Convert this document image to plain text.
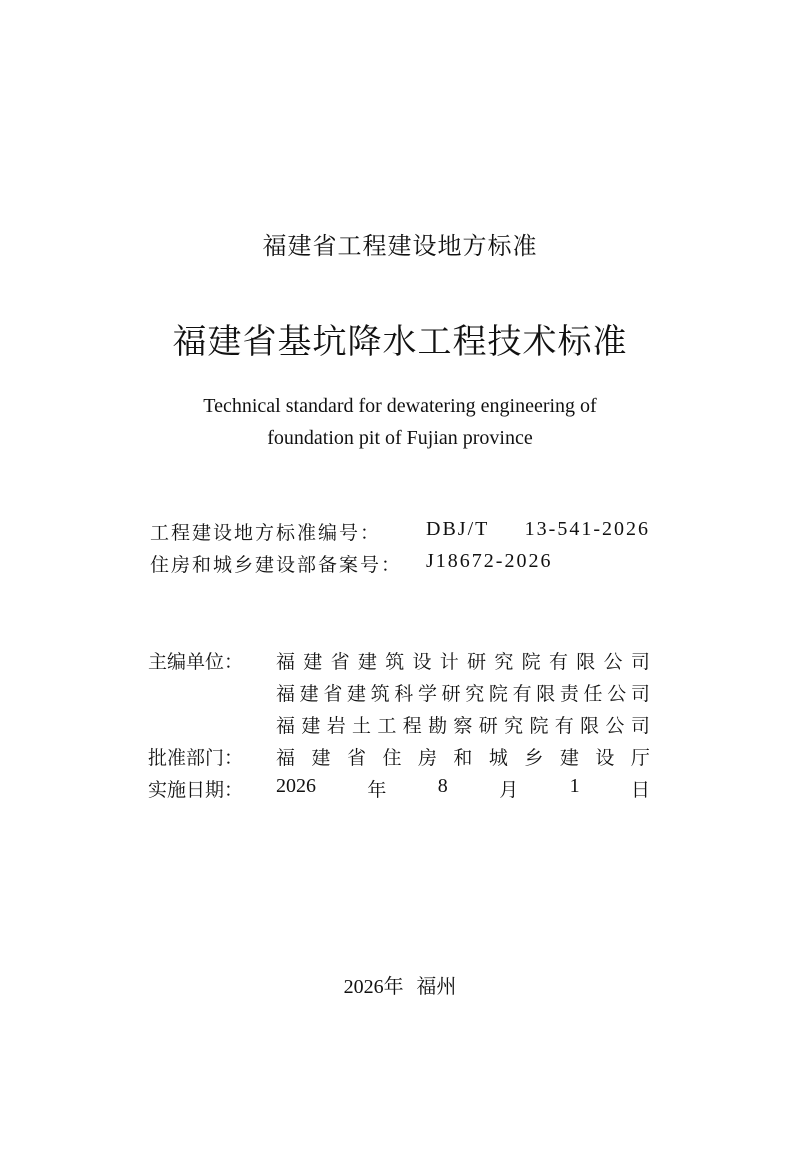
福建省工程建设地方标准
福建省基坑降水工程技术标准
Technical standard for dewatering engineering of
foundation pit of Fujian province
工程建设地方标准编号： DBJ/T 13-541-2026
住房和城乡建设部备案号： J18672-2026
主编单位： 福 建 省 建 筑 设 计 研 究 院 有 限 公 司
福 建 省 建 筑 科 学 研 究 院 有 限 责 任 公 司
福 建 岩 土 工 程 勘 察 研 究 院 有 限 公 司
批准部门： 福 建 省 住 房 和 城 乡 建 设 厅
实施日期： 2026	年	8	月	1	日
2026年 福州
